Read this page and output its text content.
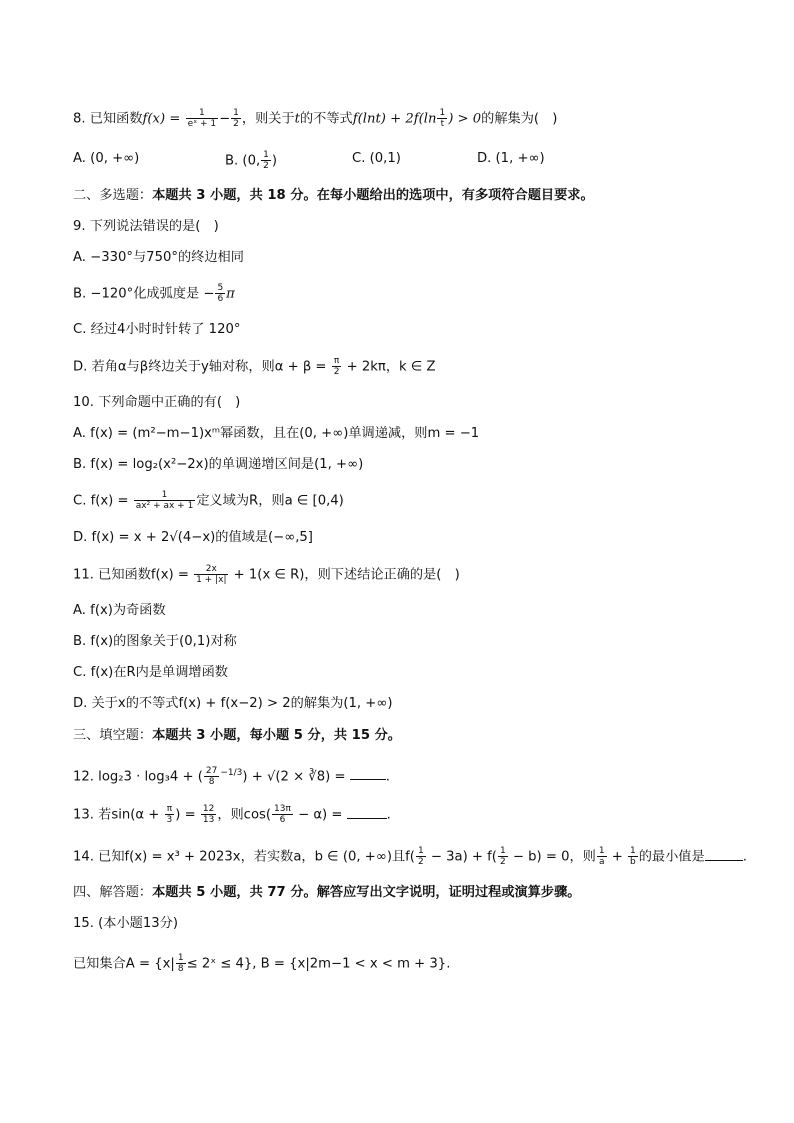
8. 已知函数$f(x) = \frac{1}{\text{eˣ + 1}} - \frac{1}{2}$ ，则关于t的不等式$f(\ln t) + 2f(\ln \frac{1}{t}$ ) > 0的解集为(　)
A. (0, +∞)	B. (0, $\frac{1}{2}$ )	C. (0,1)	D. (1, +∞)
二、多选题：本题共 3 小题，共 18 分。在每小题给出的选项中，有多项符合题目要求。
9. 下列说法错误的是(　)
A. −330°与750°的终边相同
B. −120°化成弧度是 − $\frac{5}{6}$ π
C. 经过4小时时针转了 120°
D. 若角α与β终边关于y轴对称，则$\alpha + \beta = \frac{\pi}{2} + 2k\pi$，k ∈ Z
10. 下列命题中正确的有(　)
A. f(x) = (m²−m−1)xᵐ幂函数，且在(0, +∞)单调递减，则m = −1
B. f(x) = log₂(x²−2x)的单调递增区间是(1, +∞)
C. $f(x) = \frac{1}{\text{ax² + ax + 1}}$ 定义域为R，则a ∈ [0,4)
D. f(x) = x + 2√(4−x)的值域是(−∞,5]
11. 已知函数$f(x) = \frac{2x}{1 + |x|} + 1(x$ ∈ R)，则下述结论正确的是(　)
A. f(x)为奇函数
B. f(x)的图象关于(0,1)对称
C. f(x)在R内是单调增函数
D. 关于x的不等式f(x) + f(x−2) > 2的解集为(1, +∞)
三、填空题：本题共 3 小题，每小题 5 分，共 15 分。
12. log₂3 · log₃4 + ( $\frac{27}{8} ^{-1/3}) + √(2$ × ∛8) =	.
13. 若$\sin(\alpha + \frac{\pi}{3}$ ) = $\frac{12}{13}$ ，则$\cos( \frac{13\pi}{6} - \alpha)$ =	.
14. 已知f(x) = x³ + 2023x，若实数a，b ∈ (0, +∞)且$f( \frac{1}{2} - 3a) + f( \frac{1}{2} - b) = 0$，则 $\frac{1}{a} + \frac{1}{b}$ 的最小值是	.
四、解答题：本题共 5 小题，共 77 分。解答应写出文字说明，证明过程或演算步骤。
15. (本小题13分)
已知集合$A = \{x| \frac{1}{8}$ ≤ 2ˣ ≤ 4}, B = {x|2m−1 < x < m + 3}.
